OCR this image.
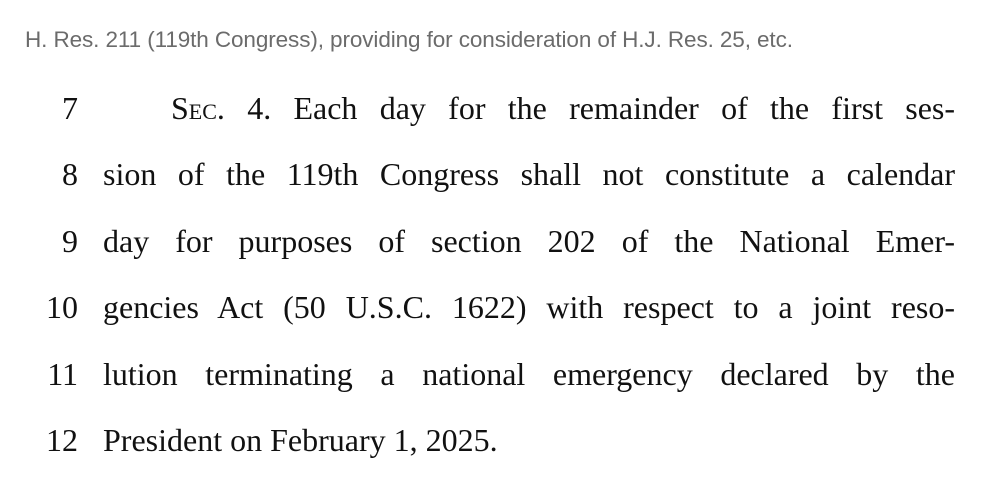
H. Res. 211 (119th Congress), providing for consideration of H.J. Res. 25, etc.
7	Sec. 4. Each day for the remainder of the first ses-
8 sion of the 119th Congress shall not constitute a calendar
9 day for purposes of section 202 of the National Emer-
10 gencies Act (50 U.S.C. 1622) with respect to a joint reso-
11 lution terminating a national emergency declared by the
12 President on February 1, 2025.
